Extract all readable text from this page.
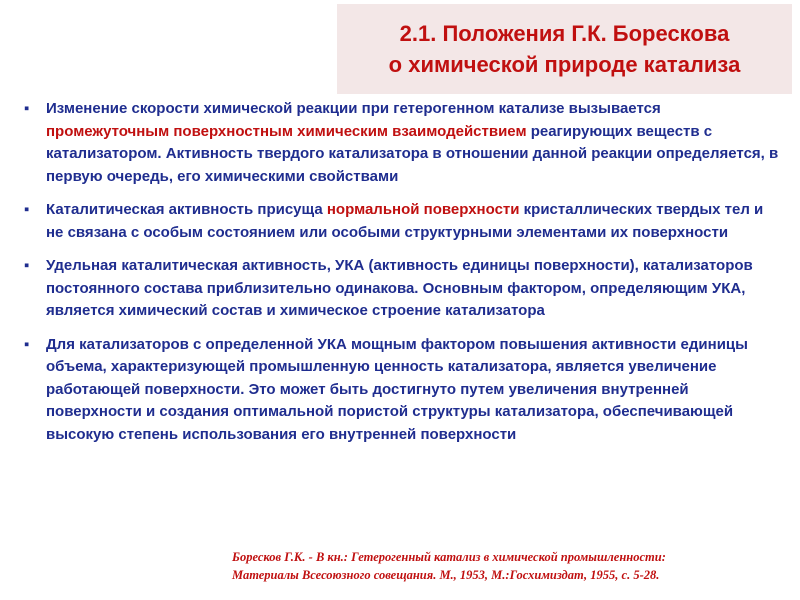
2.1. Положения Г.К. Борескова
о химической природе катализа
▪ Изменение скорости химической реакции при гетерогенном катализе вызывается промежуточным поверхностным химическим взаимодействием реагирующих веществ с катализатором. Активность твердого катализатора в отношении данной реакции определяется, в первую очередь, его химическими свойствами
▪ Каталитическая активность присуща нормальной поверхности кристаллических твердых тел и не связана с особым состоянием или особыми структурными элементами их поверхности
▪ Удельная каталитическая активность, УКА (активность единицы поверхности), катализаторов постоянного состава приблизительно одинакова. Основным фактором, определяющим УКА, является химический состав и химическое строение катализатора
▪ Для катализаторов с определенной УКА мощным фактором повышения активности единицы объема, характеризующей промышленную ценность катализатора, является увеличение работающей поверхности. Это может быть достигнуто путем увеличения внутренней поверхности и создания оптимальной пористой структуры катализатора, обеспечивающей высокую степень использования его внутренней поверхности
Боресков Г.К. - В кн.: Гетерогенный катализ в химической промышленности:
Материалы Всесоюзного совещания. М., 1953, М.:Госхимиздат, 1955, с. 5-28.
